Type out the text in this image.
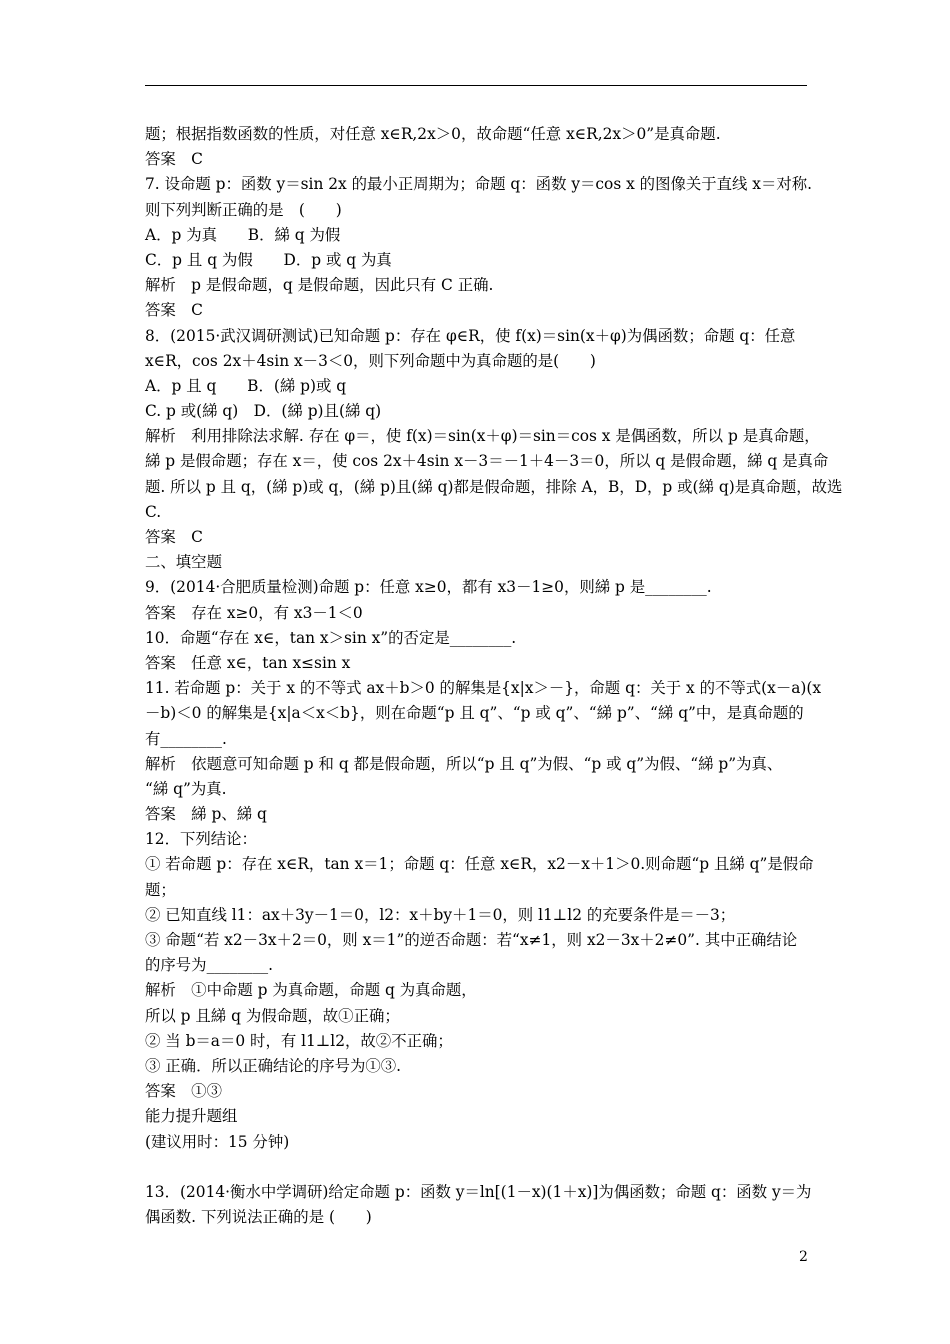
题；根据指数函数的性质，对任意 x∈R,2x＞0，故命题“任意 x∈R,2x＞0”是真命题.
答案　C
7. 设命题 p：函数 y＝sin 2x 的最小正周期为；命题 q：函数 y＝cos x 的图像关于直线 x＝对称.
则下列判断正确的是　(　　)
A．p 为真　　B．綈 q 为假
C．p 且 q 为假　　D．p 或 q 为真
解析　p 是假命题，q 是假命题，因此只有 C 正确.
答案　C
8．(2015·武汉调研测试)已知命题 p：存在 φ∈R，使 f(x)＝sin(x＋φ)为偶函数；命题 q：任意
x∈R，cos 2x＋4sin x－3＜0，则下列命题中为真命题的是(　　)
A．p 且 q　　B．(綈 p)或 q
C. p 或(綈 q)　D．(綈 p)且(綈 q)
解析　利用排除法求解. 存在 φ＝，使 f(x)＝sin(x＋φ)＝sin＝cos x 是偶函数，所以 p 是真命题，
綈 p 是假命题；存在 x＝，使 cos 2x＋4sin x－3＝－1＋4－3＝0，所以 q 是假命题，綈 q 是真命
题. 所以 p 且 q，(綈 p)或 q，(綈 p)且(綈 q)都是假命题，排除 A，B，D，p 或(綈 q)是真命题，故选
C.
答案　C
二、填空题
9．(2014·合肥质量检测)命题 p：任意 x≥0，都有 x3－1≥0，则綈 p 是________.
答案　存在 x≥0，有 x3－1＜0
10．命题“存在 x∈，tan x＞sin x”的否定是________.
答案　任意 x∈，tan x≤sin x
11. 若命题 p：关于 x 的不等式 ax＋b＞0 的解集是{x|x＞－}，命题 q：关于 x 的不等式(x－a)(x
－b)＜0 的解集是{x|a＜x＜b}，则在命题“p 且 q”、“p 或 q”、“綈 p”、“綈 q”中，是真命题的
有________.
解析　依题意可知命题 p 和 q 都是假命题，所以“p 且 q”为假、“p 或 q”为假、“綈 p”为真、
“綈 q”为真.
答案　綈 p、綈 q
12．下列结论：
① 若命题 p：存在 x∈R，tan x＝1；命题 q：任意 x∈R，x2－x＋1＞0.则命题“p 且綈 q”是假命
题；
② 已知直线 l1：ax＋3y－1＝0，l2：x＋by＋1＝0，则 l1⊥l2 的充要条件是＝－3；
③ 命题“若 x2－3x＋2＝0，则 x＝1”的逆否命题：若“x≠1，则 x2－3x＋2≠0”. 其中正确结论
的序号为________.
解析　①中命题 p 为真命题，命题 q 为真命题，
所以 p 且綈 q 为假命题，故①正确；
② 当 b＝a＝0 时，有 l1⊥l2，故②不正确；
③ 正确．所以正确结论的序号为①③.
答案　①③
能力提升题组
(建议用时：15 分钟)
13．(2014·衡水中学调研)给定命题 p：函数 y＝ln[(1－x)(1＋x)]为偶函数；命题 q：函数 y＝为
偶函数. 下列说法正确的是 (　　)
2
